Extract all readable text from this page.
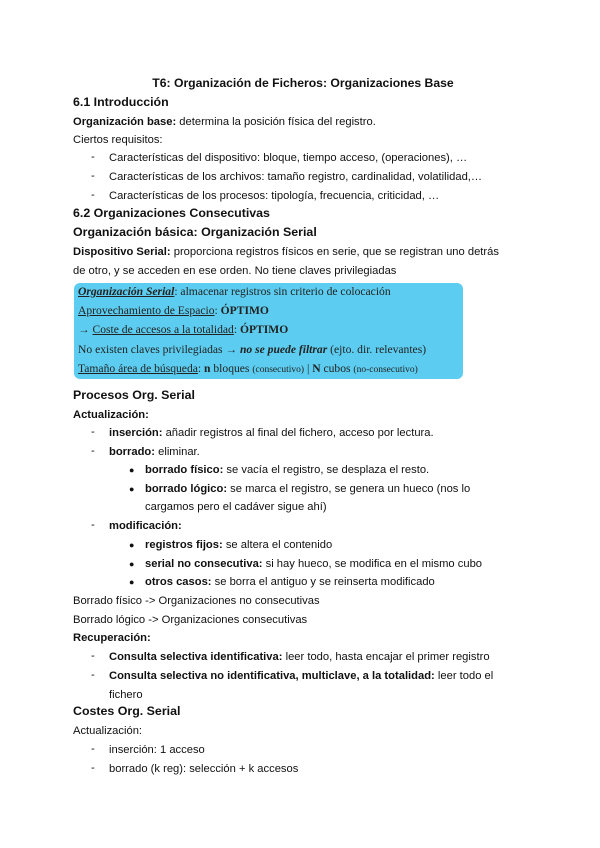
T6: Organización de Ficheros: Organizaciones Base
6.1 Introducción
Organización base: determina la posición física del registro.
Ciertos requisitos:
- Características del dispositivo: bloque, tiempo acceso, (operaciones), …
- Características de los archivos: tamaño registro, cardinalidad, volatilidad,…
- Características de los procesos: tipología, frecuencia, criticidad, …
6.2 Organizaciones Consecutivas
Organización básica: Organización Serial
Dispositivo Serial: proporciona registros físicos en serie, que se registran uno detrás
de otro, y se acceden en ese orden. No tiene claves privilegiadas
Organización Serial: almacenar registros sin criterio de colocación
Aprovechamiento de Espacio: ÓPTIMO
→ Coste de accesos a la totalidad: ÓPTIMO
No existen claves privilegiadas → no se puede filtrar (ejto. dir. relevantes)
Tamaño área de búsqueda: n bloques (consecutivo) | N cubos (no-consecutivo)
Procesos Org. Serial
Actualización:
- inserción: añadir registros al final del fichero, acceso por lectura.
- borrado: eliminar.
● borrado físico: se vacía el registro, se desplaza el resto.
● borrado lógico: se marca el registro, se genera un hueco (nos lo
cargamos pero el cadáver sigue ahí)
- modificación:
● registros fijos: se altera el contenido
● serial no consecutiva: si hay hueco, se modifica en el mismo cubo
● otros casos: se borra el antiguo y se reinserta modificado
Borrado físico -> Organizaciones no consecutivas
Borrado lógico -> Organizaciones consecutivas
Recuperación:
- Consulta selectiva identificativa: leer todo, hasta encajar el primer registro
- Consulta selectiva no identificativa, multiclave, a la totalidad: leer todo el
fichero
Costes Org. Serial
Actualización:
- inserción: 1 acceso
- borrado (k reg): selección + k accesos
